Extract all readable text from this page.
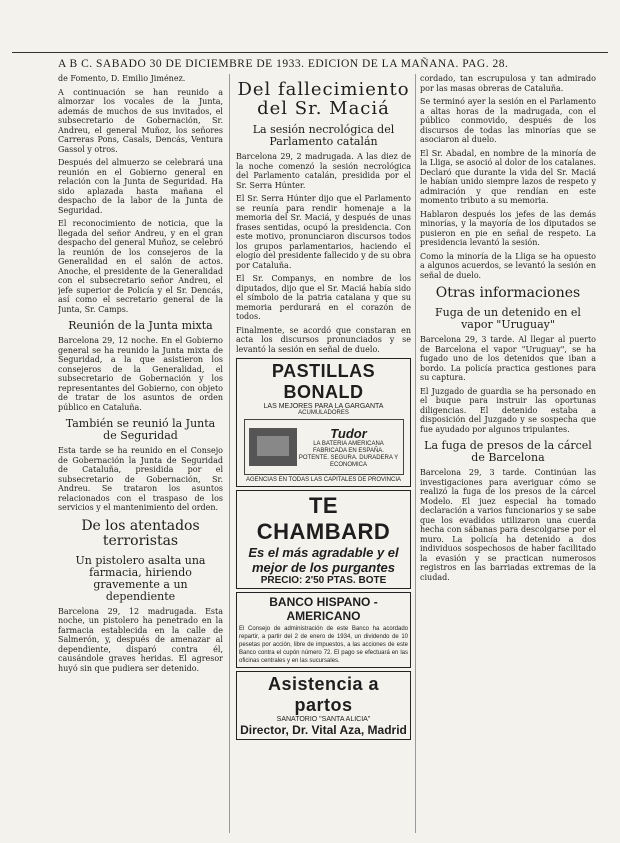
A B C. SABADO 30 DE DICIEMBRE DE 1933. EDICION DE LA MAÑANA. PAG. 28.

de Fomento, D. Emilio Jiménez.

A continuación se han reunido a almorzar los vocales de la Junta, además de muchos de sus invitados, el subsecretario de Gobernación, Sr. Andreu, el general Muñoz, los señores Carreras Pons, Casals, Dencás, Ventura Gassol y otros.

Después del almuerzo se celebrará una reunión en el Gobierno general en relación con la Junta de Seguridad. Ha sido aplazada hasta mañana el despacho de la labor de la Junta de Seguridad.

El reconocimiento de noticia, que la llegada del señor Andreu, y en el gran despacho del general Muñoz, se celebró la reunión de los consejeros de la Generalidad en el salón de actos. Anoche, el presidente de la Generalidad con el subsecretario señor Andreu, el jefe superior de Policía y el Sr. Dencás, así como el secretario general de la Junta, Sr. Camps.

Reunión de la Junta mixta

Barcelona 29, 12 noche. En el Gobierno general se ha reunido la Junta mixta de Seguridad, a la que asistieron los consejeros de la Generalidad, el subsecretario de Gobernación y los representantes del Gobierno, con objeto de tratar de los asuntos de orden público en Cataluña.

También se reunió la Junta de Seguridad

Esta tarde se ha reunido en el Consejo de Gobernación la Junta de Seguridad de Cataluña, presidida por el subsecretario de Gobernación, Sr. Andreu. Se trataron los asuntos relacionados con el traspaso de los servicios y el mantenimiento del orden.

De los atentados terroristas
Un pistolero asalta una farmacia, hiriendo gravemente a un dependiente

Barcelona 29, 12 madrugada. Esta noche, un pistolero ha penetrado en la farmacia establecida en la calle de Salmerón, y, después de amenazar al dependiente, disparó contra él, causándole graves heridas. El agresor huyó sin que pudiera ser detenido.

Del fallecimiento del Sr. Maciá
La sesión necrológica del Parlamento catalán

Barcelona 29, 2 madrugada. A las diez de la noche comenzó la sesión necrológica del Parlamento catalán, presidida por el Sr. Serra Húnter.

El Sr. Serra Húnter dijo que el Parlamento se reunía para rendir homenaje a la memoria del Sr. Maciá, y después de unas frases sentidas, ocupó la presidencia. Con este motivo, pronunciaron discursos todos los grupos parlamentarios, haciendo el elogio del presidente fallecido y de su obra por Cataluña.

El Sr. Companys, en nombre de los diputados, dijo que el Sr. Maciá había sido el símbolo de la patria catalana y que su memoria perdurará en el corazón de todos.

Finalmente, se acordó que constaran en acta los discursos pronunciados y se levantó la sesión en señal de duelo.

PASTILLAS BONALD
LAS MEJORES PARA LA GARGANTA
ACUMULADORES
Tudor
LA BATERIA AMERICANA FABRICADA EN ESPAÑA. POTENTE. SEGURA. DURADERA Y ECONOMICA
AGENCIAS EN TODAS LAS CAPITALES DE PROVINCIA
TE CHAMBARD
Es el más agradable y el mejor de los purgantes
PRECIO: 2'50 PTAS. BOTE
BANCO HISPANO - AMERICANO
El Consejo de administración de este Banco ha acordado repartir, a partir del 2 de enero de 1934, un dividendo de 10 pesetas por acción, libre de impuestos, a las acciones de este Banco contra el cupón número 72. El pago se efectuará en las oficinas centrales y en las sucursales.
Asistencia a partos
SANATORIO "SANTA ALICIA"
Director, Dr. Vital Aza, Madrid

cordado, tan escrupulosa y tan admirado por las masas obreras de Cataluña.

Se terminó ayer la sesión en el Parlamento a altas horas de la madrugada, con el público conmovido, después de los discursos de todas las minorías que se asociaron al duelo.

El Sr. Abadal, en nombre de la minoría de la Lliga, se asoció al dolor de los catalanes. Declaró que durante la vida del Sr. Maciá le habían unido siempre lazos de respeto y admiración y que rendían en este momento tributo a su memoria.

Hablaron después los jefes de las demás minorías, y la mayoría de los diputados se pusieron en pie en señal de respeto. La presidencia levantó la sesión.

Como la minoría de la Lliga se ha opuesto a algunos acuerdos, se levantó la sesión en señal de duelo.

Otras informaciones
Fuga de un detenido en el vapor "Uruguay"

Barcelona 29, 3 tarde. Al llegar al puerto de Barcelona el vapor "Uruguay", se ha fugado uno de los detenidos que iban a bordo. La policía practica gestiones para su captura.

El Juzgado de guardia se ha personado en el buque para instruir las oportunas diligencias. El detenido estaba a disposición del Juzgado y se sospecha que fue ayudado por algunos tripulantes.

La fuga de presos de la cárcel de Barcelona

Barcelona 29, 3 tarde. Continúan las investigaciones para averiguar cómo se realizó la fuga de los presos de la cárcel Modelo. El juez especial ha tomado declaración a varios funcionarios y se sabe que los evadidos utilizaron una cuerda hecha con sábanas para descolgarse por el muro. La policía ha detenido a dos individuos sospechosos de haber facilitado la evasión y se practican numerosos registros en las barriadas extremas de la ciudad.
